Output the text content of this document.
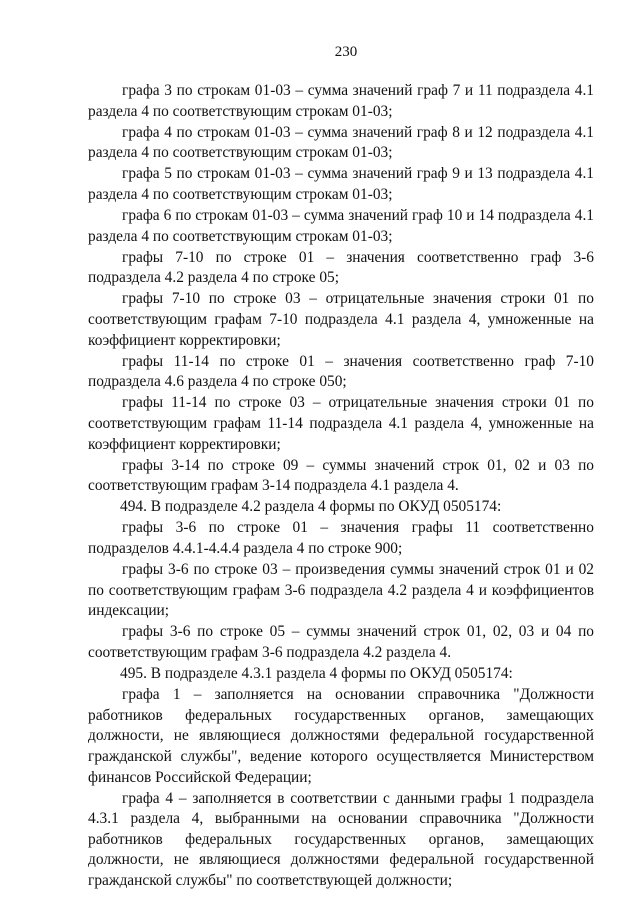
230

графа 3 по строкам 01-03 – сумма значений граф 7 и 11 подраздела 4.1 раздела 4 по соответствующим строкам 01-03;

графа 4 по строкам 01-03 – сумма значений граф 8 и 12 подраздела 4.1 раздела 4 по соответствующим строкам 01-03;

графа 5 по строкам 01-03 – сумма значений граф 9 и 13 подраздела 4.1 раздела 4 по соответствующим строкам 01-03;

графа 6 по строкам 01-03 – сумма значений граф 10 и 14 подраздела 4.1 раздела 4 по соответствующим строкам 01-03;

графы 7-10 по строке 01 – значения соответственно граф 3-6 подраздела 4.2 раздела 4 по строке 05;

графы 7-10 по строке 03 – отрицательные значения строки 01 по соответствующим графам 7-10 подраздела 4.1 раздела 4, умноженные на коэффициент корректировки;

графы 11-14 по строке 01 – значения соответственно граф 7-10 подраздела 4.6 раздела 4 по строке 050;

графы 11-14 по строке 03 – отрицательные значения строки 01 по соответствующим графам 11-14 подраздела 4.1 раздела 4, умноженные на коэффициент корректировки;

графы 3-14 по строке 09 – суммы значений строк 01, 02 и 03 по соответствующим графам 3-14 подраздела 4.1 раздела 4.

494. В подразделе 4.2 раздела 4 формы по ОКУД 0505174:

графы 3-6 по строке 01 – значения графы 11 соответственно подразделов 4.4.1-4.4.4 раздела 4 по строке 900;

графы 3-6 по строке 03 – произведения суммы значений строк 01 и 02 по соответствующим графам 3-6 подраздела 4.2 раздела 4 и коэффициентов индексации;

графы 3-6 по строке 05 – суммы значений строк 01, 02, 03 и 04 по соответствующим графам 3-6 подраздела 4.2 раздела 4.

495. В подразделе 4.3.1 раздела 4 формы по ОКУД 0505174:

графа 1 – заполняется на основании справочника "Должности работников федеральных государственных органов, замещающих должности, не являющиеся должностями федеральной государственной гражданской службы", ведение которого осуществляется Министерством финансов Российской Федерации;

графа 4 – заполняется в соответствии с данными графы 1 подраздела 4.3.1 раздела 4, выбранными на основании справочника "Должности работников федеральных государственных органов, замещающих должности, не являющиеся должностями федеральной государственной гражданской службы" по соответствующей должности;
